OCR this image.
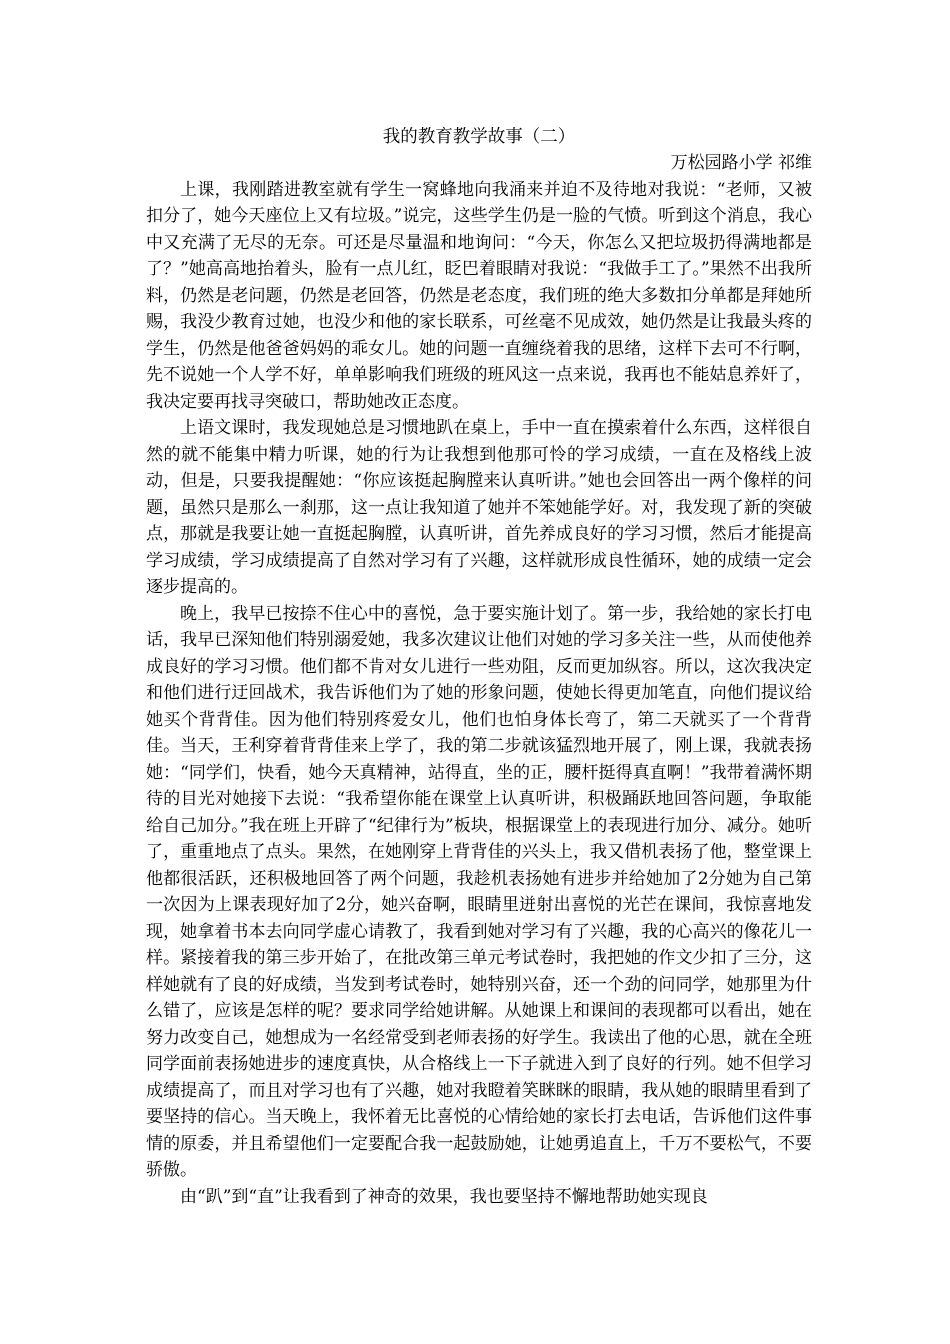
我的教育教学故事（二）

万松园路小学 祁维

上课，我刚踏进教室就有学生一窝蜂地向我涌来并迫不及待地对我说：“老师，又被扣分了，她今天座位上又有垃圾。”说完，这些学生仍是一脸的气愤。听到这个消息，我心中又充满了无尽的无奈。可还是尽量温和地询问：“今天，你怎么又把垃圾扔得满地都是了？”她高高地抬着头，脸有一点儿红，眨巴着眼睛对我说：“我做手工了。”果然不出我所料，仍然是老问题，仍然是老回答，仍然是老态度，我们班的绝大多数扣分单都是拜她所赐，我没少教育过她，也没少和他的家长联系，可丝毫不见成效，她仍然是让我最头疼的学生，仍然是他爸爸妈妈的乖女儿。她的问题一直缠绕着我的思绪，这样下去可不行啊，先不说她一个人学不好，单单影响我们班级的班风这一点来说，我再也不能姑息养奸了，我决定要再找寻突破口，帮助她改正态度。

上语文课时，我发现她总是习惯地趴在桌上，手中一直在摸索着什么东西，这样很自然的就不能集中精力听课，她的行为让我想到他那可怜的学习成绩，一直在及格线上波动，但是，只要我提醒她：“你应该挺起胸膛来认真听讲。”她也会回答出一两个像样的问题，虽然只是那么一刹那，这一点让我知道了她并不笨她能学好。对，我发现了新的突破点，那就是我要让她一直挺起胸膛，认真听讲，首先养成良好的学习习惯，然后才能提高学习成绩，学习成绩提高了自然对学习有了兴趣，这样就形成良性循环，她的成绩一定会逐步提高的。

晚上，我早已按捺不住心中的喜悦，急于要实施计划了。第一步，我给她的家长打电话，我早已深知他们特别溺爱她，我多次建议让他们对她的学习多关注一些，从而使他养成良好的学习习惯。他们都不肯对女儿进行一些劝阻，反而更加纵容。所以，这次我决定和他们进行迂回战术，我告诉他们为了她的形象问题，使她长得更加笔直，向他们提议给她买个背背佳。因为他们特别疼爱女儿，他们也怕身体长弯了，第二天就买了一个背背佳。当天，王利穿着背背佳来上学了，我的第二步就该猛烈地开展了，刚上课，我就表扬她：“同学们，快看，她今天真精神，站得直，坐的正，腰杆挺得真直啊！”我带着满怀期待的目光对她接下去说：“我希望你能在课堂上认真听讲，积极踊跃地回答问题，争取能给自己加分。”我在班上开辟了“纪律行为”板块，根据课堂上的表现进行加分、减分。她听了，重重地点了点头。果然，在她刚穿上背背佳的兴头上，我又借机表扬了他，整堂课上他都很活跃，还积极地回答了两个问题，我趁机表扬她有进步并给她加了2分她为自己第一次因为上课表现好加了2分，她兴奋啊，眼睛里迸射出喜悦的光芒在课间，我惊喜地发现，她拿着书本去向同学虚心请教了，我看到她对学习有了兴趣，我的心高兴的像花儿一样。紧接着我的第三步开始了，在批改第三单元考试卷时，我把她的作文少扣了三分，这样她就有了良的好成绩，当发到考试卷时，她特别兴奋，还一个劲的问同学，她那里为什么错了，应该是怎样的呢？要求同学给她讲解。从她课上和课间的表现都可以看出，她在努力改变自己，她想成为一名经常受到老师表扬的好学生。我读出了他的心思，就在全班同学面前表扬她进步的速度真快，从合格线上一下子就进入到了良好的行列。她不但学习成绩提高了，而且对学习也有了兴趣，她对我瞪着笑眯眯的眼睛，我从她的眼睛里看到了要坚持的信心。当天晚上，我怀着无比喜悦的心情给她的家长打去电话，告诉他们这件事情的原委，并且希望他们一定要配合我一起鼓励她，让她勇追直上，千万不要松气，不要骄傲。

由“趴”到“直”让我看到了神奇的效果，我也要坚持不懈地帮助她实现良
